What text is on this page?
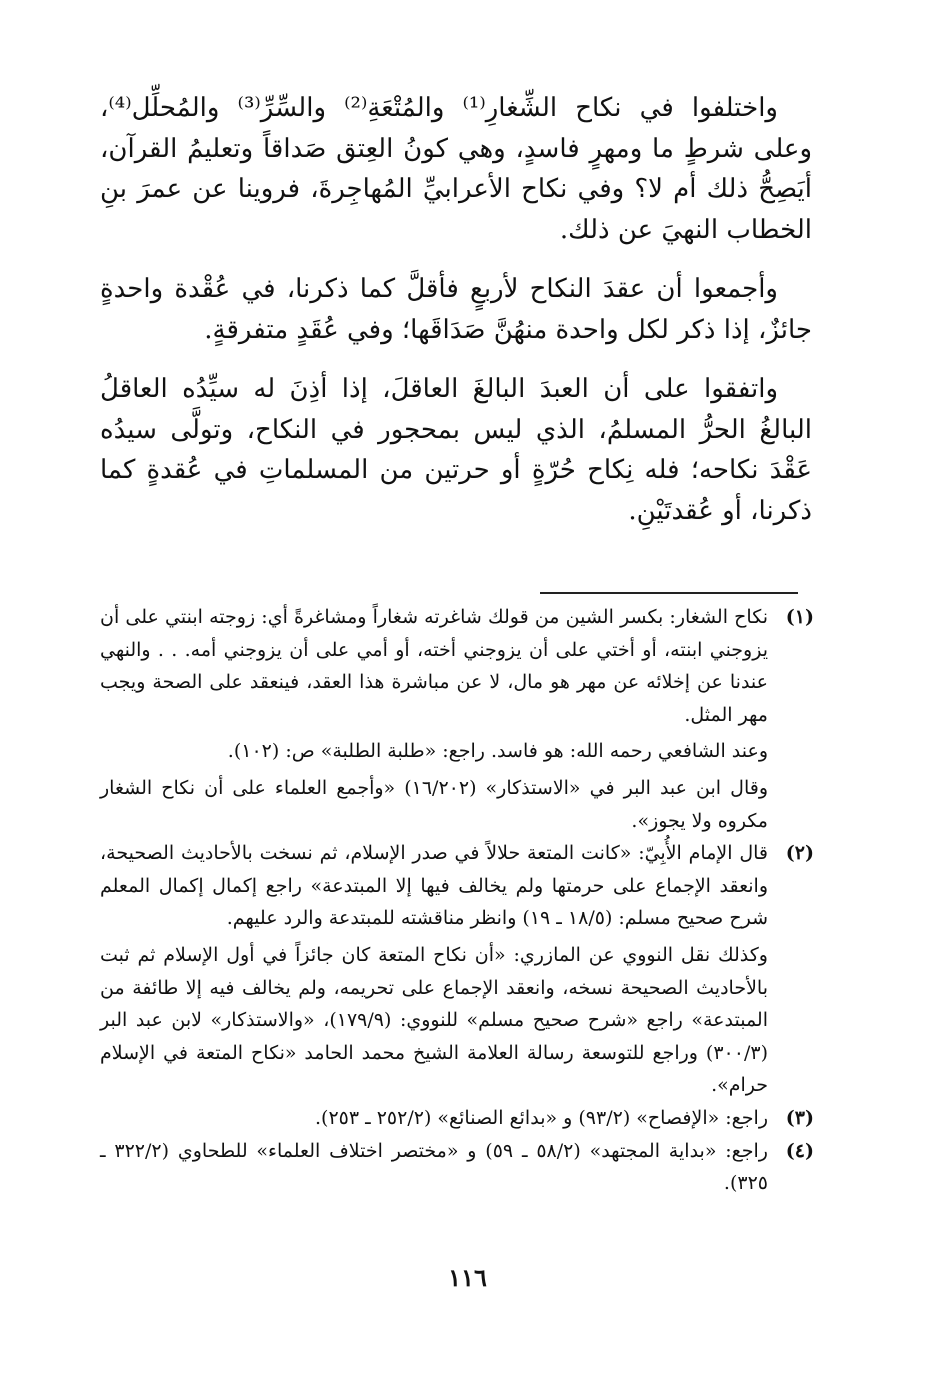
واختلفوا في نكاح الشِّغارِ⁽¹⁾ والمُتْعَةِ⁽²⁾ والسِّرِّ⁽³⁾ والمُحلِّل⁽⁴⁾، وعلى شرطٍ ما ومهرٍ فاسدٍ، وهي كونُ العِتق صَداقاً وتعليمُ القرآن، أيَصِحُّ ذلك أم لا؟ وفي نكاح الأعرابيِّ المُهاجِرةَ، فروينا عن عمرَ بنِ الخطاب النهيَ عن ذلك.

وأجمعوا أن عقدَ النكاح لأربعٍ فأقلَّ كما ذكرنا، في عُقْدة واحدةٍ جائزٌ، إذا ذكر لكل واحدة منهُنَّ صَدَاقَها؛ وفي عُقَدٍ متفرقةٍ.

واتفقوا على أن العبدَ البالغَ العاقلَ، إذا أذِنَ له سيِّدُه العاقلُ البالغُ الحرُّ المسلمُ، الذي ليس بمحجور في النكاح، وتولَّى سيدُه عَقْدَ نكاحه؛ فله نِكاح حُرّةٍ أو حرتين من المسلماتِ في عُقدةٍ كما ذكرنا، أو عُقدتَيْنِ.

(١)

نكاح الشغار: بكسر الشين من قولك شاغرته شغاراً ومشاغرةً أي: زوجته ابنتي على أن يزوجني ابنته، أو أختي على أن يزوجني أخته، أو أمي على أن يزوجني أمه. . . والنهي عندنا عن إخلائه عن مهر هو مال، لا عن مباشرة هذا العقد، فينعقد على الصحة ويجب مهر المثل.

وعند الشافعي رحمه الله: هو فاسد. راجع: «طلبة الطلبة» ص: (١٠٢).

وقال ابن عبد البر في «الاستذكار» (١٦/٢٠٢) «وأجمع العلماء على أن نكاح الشغار مكروه ولا يجوز».

(٢)

قال الإمام الأُبِيّ: «كانت المتعة حلالاً في صدر الإسلام، ثم نسخت بالأحاديث الصحيحة، وانعقد الإجماع على حرمتها ولم يخالف فيها إلا المبتدعة» راجع إكمال إكمال المعلم شرح صحيح مسلم: (١٨/٥ ـ ١٩) وانظر مناقشته للمبتدعة والرد عليهم.

وكذلك نقل النووي عن المازري: «أن نكاح المتعة كان جائزاً في أول الإسلام ثم ثبت بالأحاديث الصحيحة نسخه، وانعقد الإجماع على تحريمه، ولم يخالف فيه إلا طائفة من المبتدعة» راجع «شرح صحيح مسلم» للنووي: (١٧٩/٩)، «والاستذكار» لابن عبد البر (٣٠٠/٣) وراجع للتوسعة رسالة العلامة الشيخ محمد الحامد «نكاح المتعة في الإسلام حرام».

(٣)

راجع: «الإفصاح» (٩٣/٢) و «بدائع الصنائع» (٢٥٢/٢ ـ ٢٥٣).

(٤)

راجع: «بداية المجتهد» (٥٨/٢ ـ ٥٩) و «مختصر اختلاف العلماء» للطحاوي (٣٢٢/٢ ـ ٣٢٥).

١١٦
